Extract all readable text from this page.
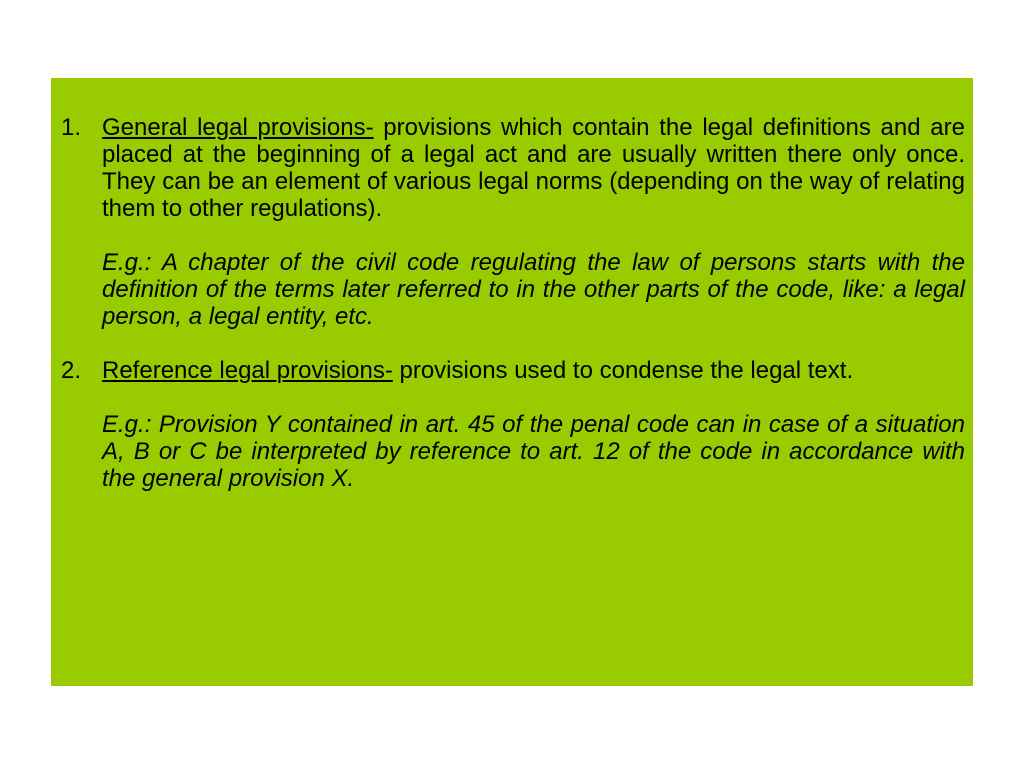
1. General legal provisions- provisions which contain the legal definitions and are placed at the beginning of a legal act and are usually written there only once. They can be an element of various legal norms (depending on the way of relating them to other regulations).
E.g.: A chapter of the civil code regulating the law of persons starts with the definition of the terms later referred to in the other parts of the code, like: a legal person, a legal entity, etc.
2. Reference legal provisions- provisions used to condense the legal text.
E.g.: Provision Y contained in art. 45 of the penal code can in case of a situation A, B or C be interpreted by reference to art. 12 of the code in accordance with the general provision X.
